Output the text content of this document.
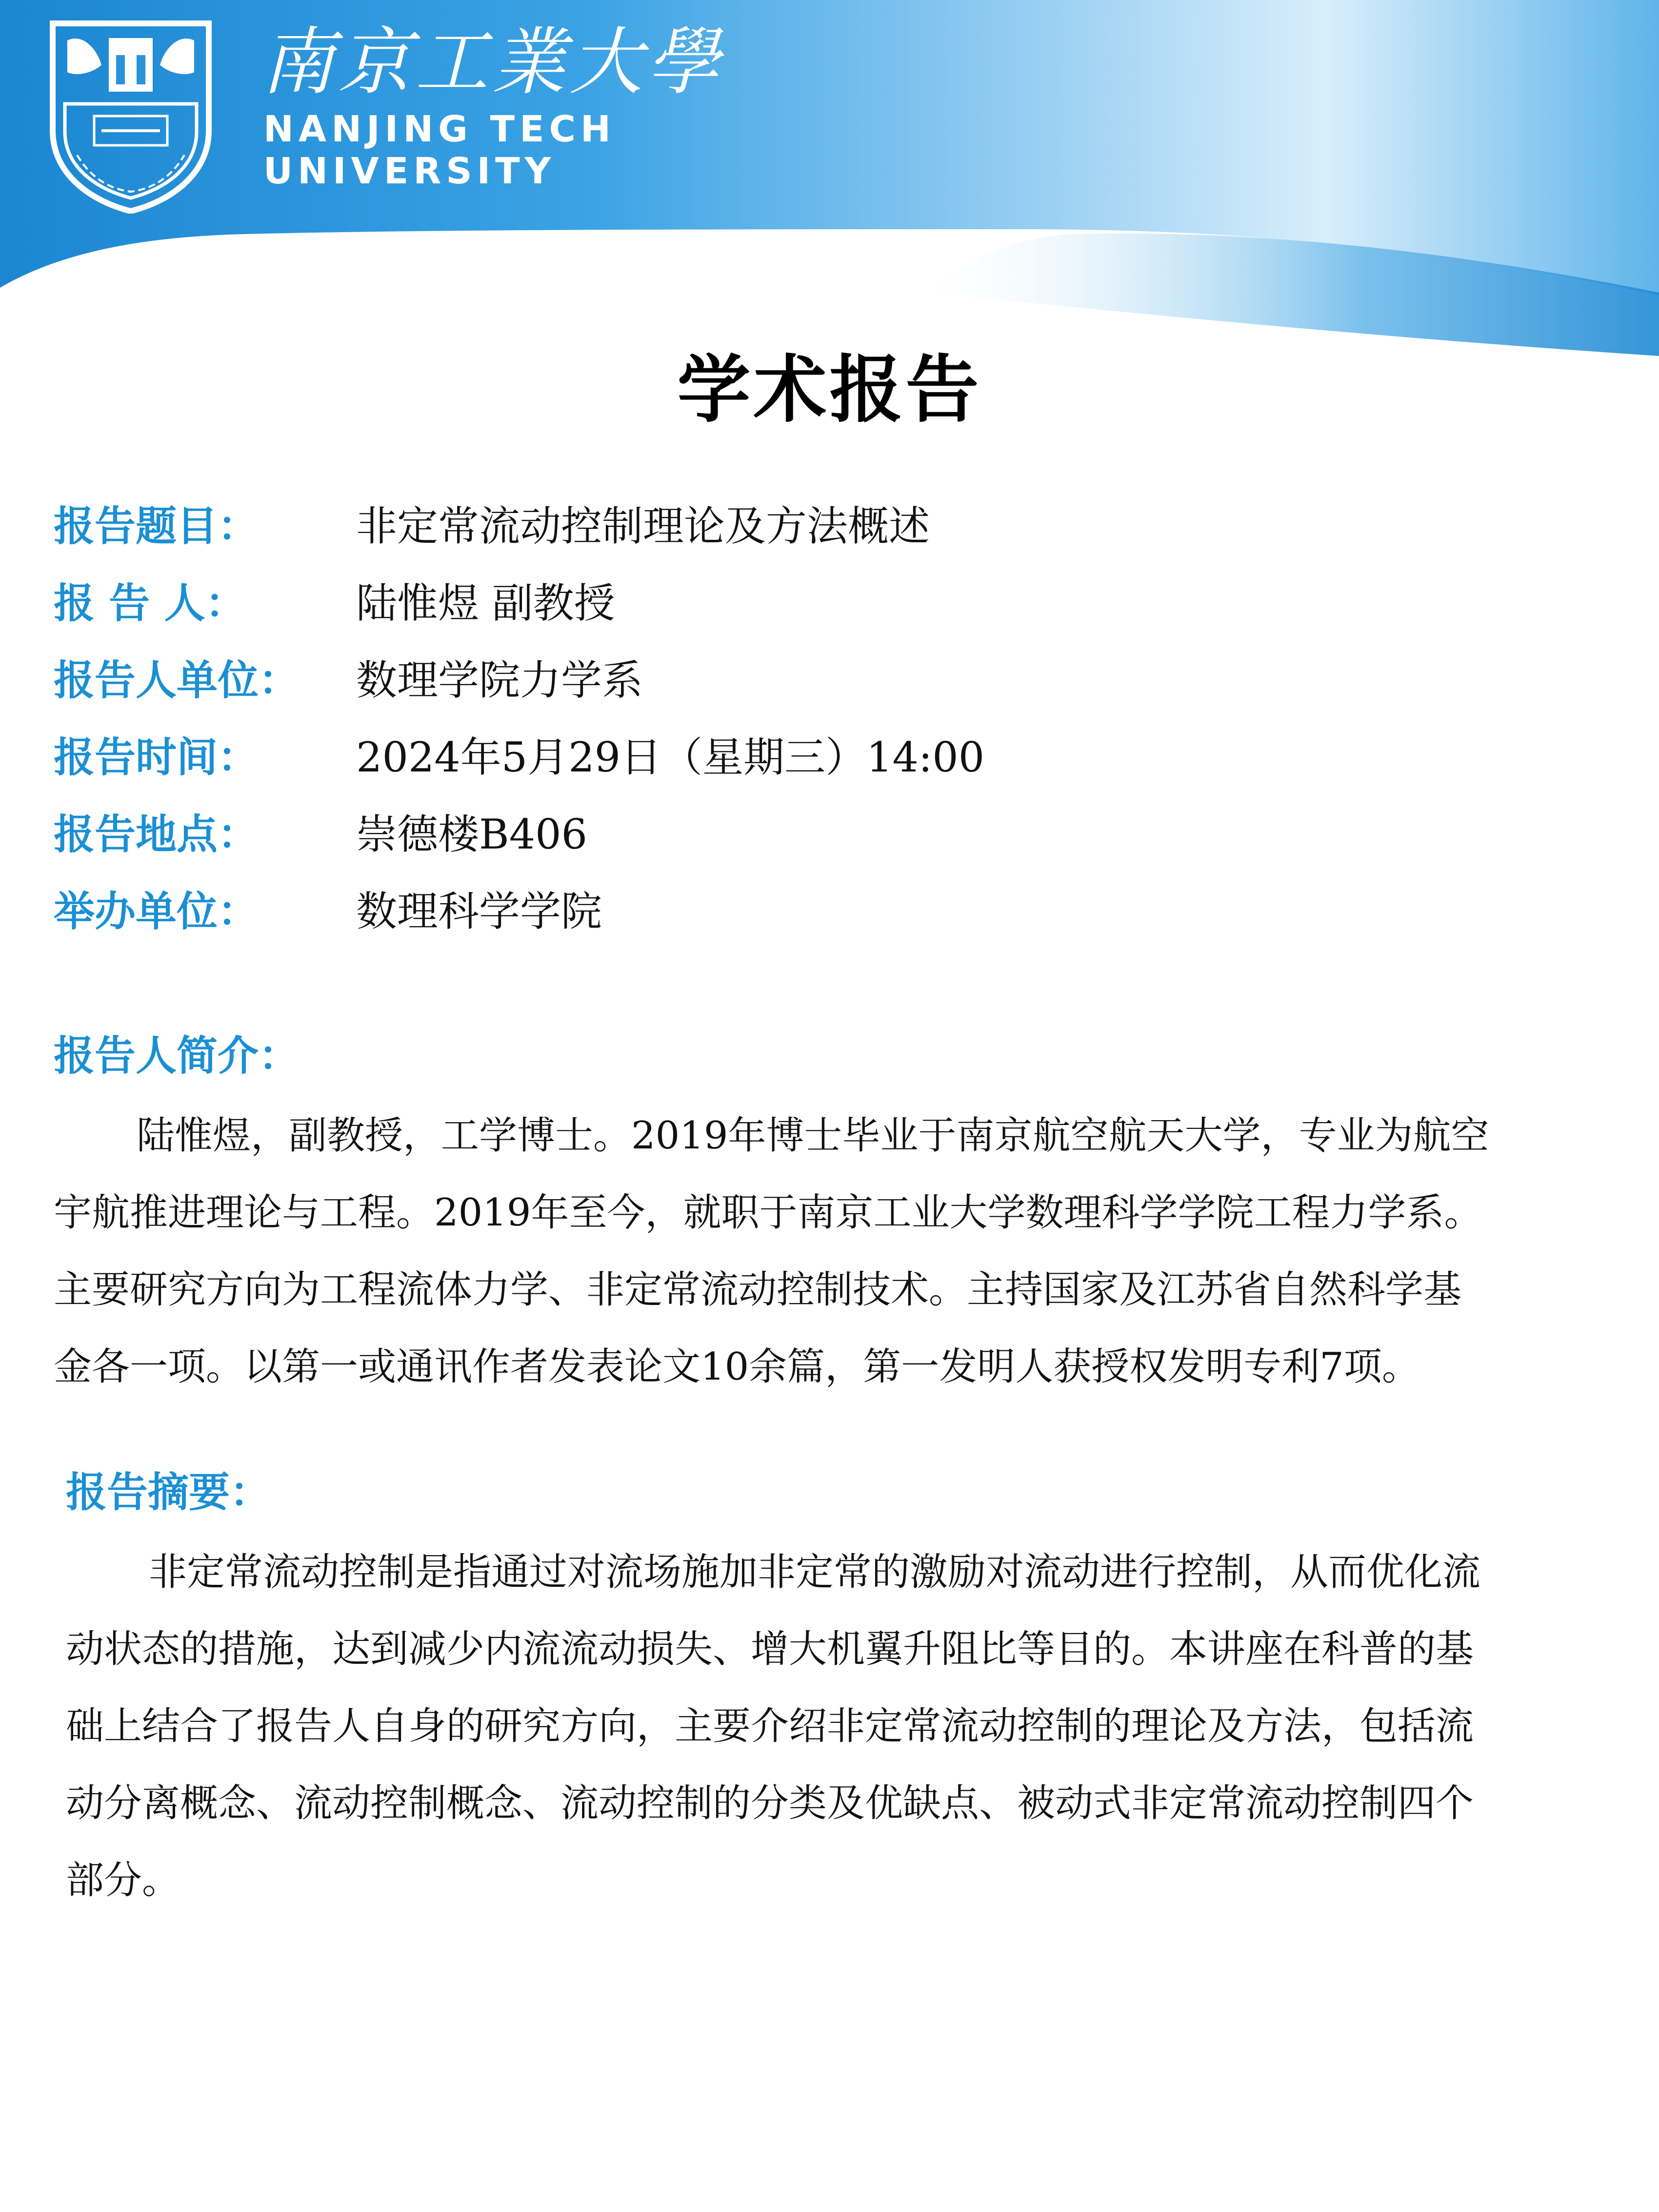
南京工業大學
NANJING TECH
UNIVERSITY
学术报告
报告题目：	非定常流动控制理论及方法概述
报 告 人：	陆惟煜 副教授
报告人单位： 数理学院力学系
报告时间：	2024年5月29日（星期三）14:00
报告地点：	崇德楼B406
举办单位：	数理科学学院
报告人简介：
陆惟煜，副教授，工学博士。2019年博士毕业于南京航空航天大学，专业为航空
宇航推进理论与工程。2019年至今，就职于南京工业大学数理科学学院工程力学系。
主要研究方向为工程流体力学、非定常流动控制技术。主持国家及江苏省自然科学基
金各一项。以第一或通讯作者发表论文10余篇，第一发明人获授权发明专利7项。
报告摘要：
非定常流动控制是指通过对流场施加非定常的激励对流动进行控制，从而优化流
动状态的措施，达到减少内流流动损失、增大机翼升阻比等目的。本讲座在科普的基
础上结合了报告人自身的研究方向，主要介绍非定常流动控制的理论及方法，包括流
动分离概念、流动控制概念、流动控制的分类及优缺点、被动式非定常流动控制四个
部分。
